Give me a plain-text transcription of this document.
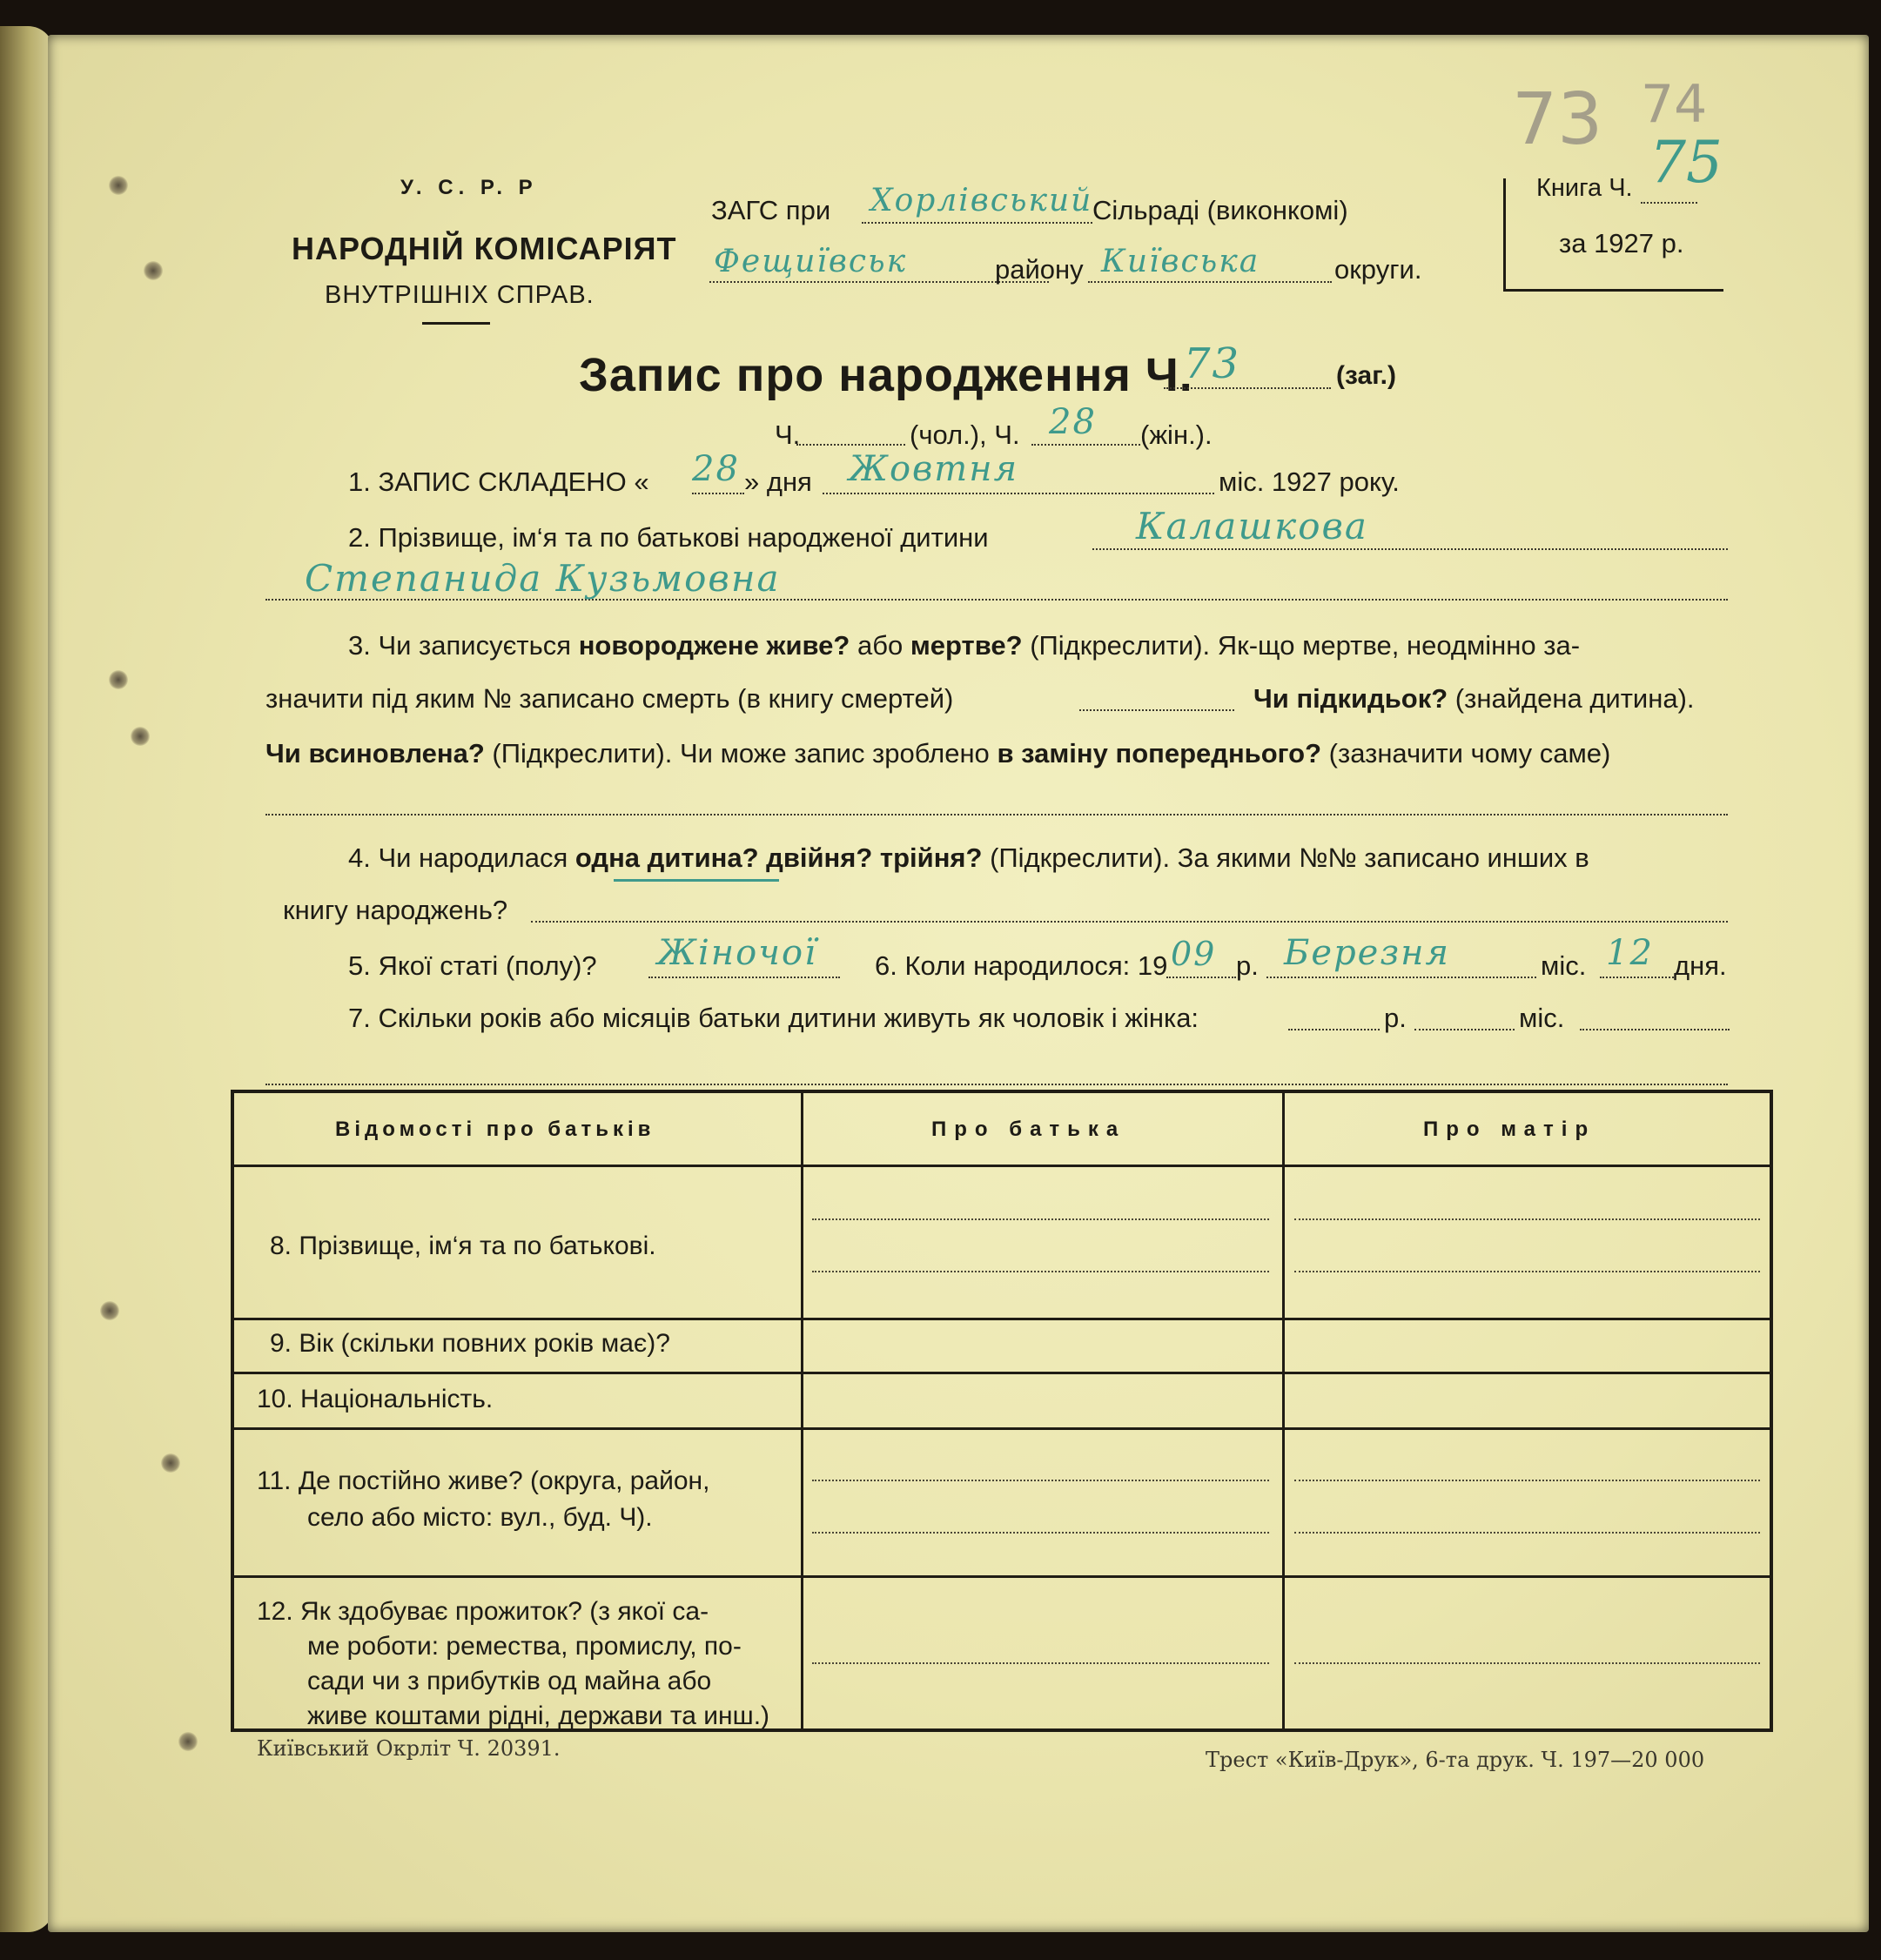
У. С. Р. Р
НАРОДНІЙ КОМІСАРІЯТ
ВНУТРІШНІХ СПРАВ.
ЗАГС при Хорлівський Сільраді (виконкомі)
Фещиївськ	району Київська	округи.
Книга Ч. 75
за 1927 р.
73 74
Запис про народження Ч.
73	(заг.)
Ч.	(чол.), Ч. 28 (жін.).
1. ЗАПИС СКЛАДЕНО « 28 » дня Жовтня	міс. 1927 року.
2. Прізвище, ім‘я та по батькові народженої дитини	Калашкова
Степанида Кузьмовна
3. Чи записується новороджене живе? або мертве? (Підкреслити). Як-що мертве, неодмінно за-
значити під яким № записано смерть (в книгу смертей)	Чи підкидьок? (знайдена дитина).
Чи всиновлена? (Підкреслити). Чи може запис зроблено в заміну попереднього? (зазначити чому саме)
4. Чи народилася одна дитина? двійня? трійня? (Підкреслити). За якими №№ записано инших в
книгу народжень?
5. Якої статі (полу)? Жіночої 6. Коли народилося: 19 09 р. Березня	міс. 12 дня.
7. Скільки років або місяців батьки дитини живуть як чоловік і жінка:	р.	міс.
Відомості про батьків	Про батька	Про матір
8. Прізвище, ім‘я та по батькові.
9. Вік (скільки повних років має)?
10. Національність.
11. Де постійно живе? (округа, район,
село або місто: вул., буд. Ч).
12. Як здобуває прожиток? (з якої са-
ме роботи: ремества, промислу, по-
сади чи з прибутків од майна або
живе коштами рідні, держави та инш.)
Київський Окрліт Ч. 20391.	Трест «Київ-Друк», 6-та друк. Ч. 197—20 000
